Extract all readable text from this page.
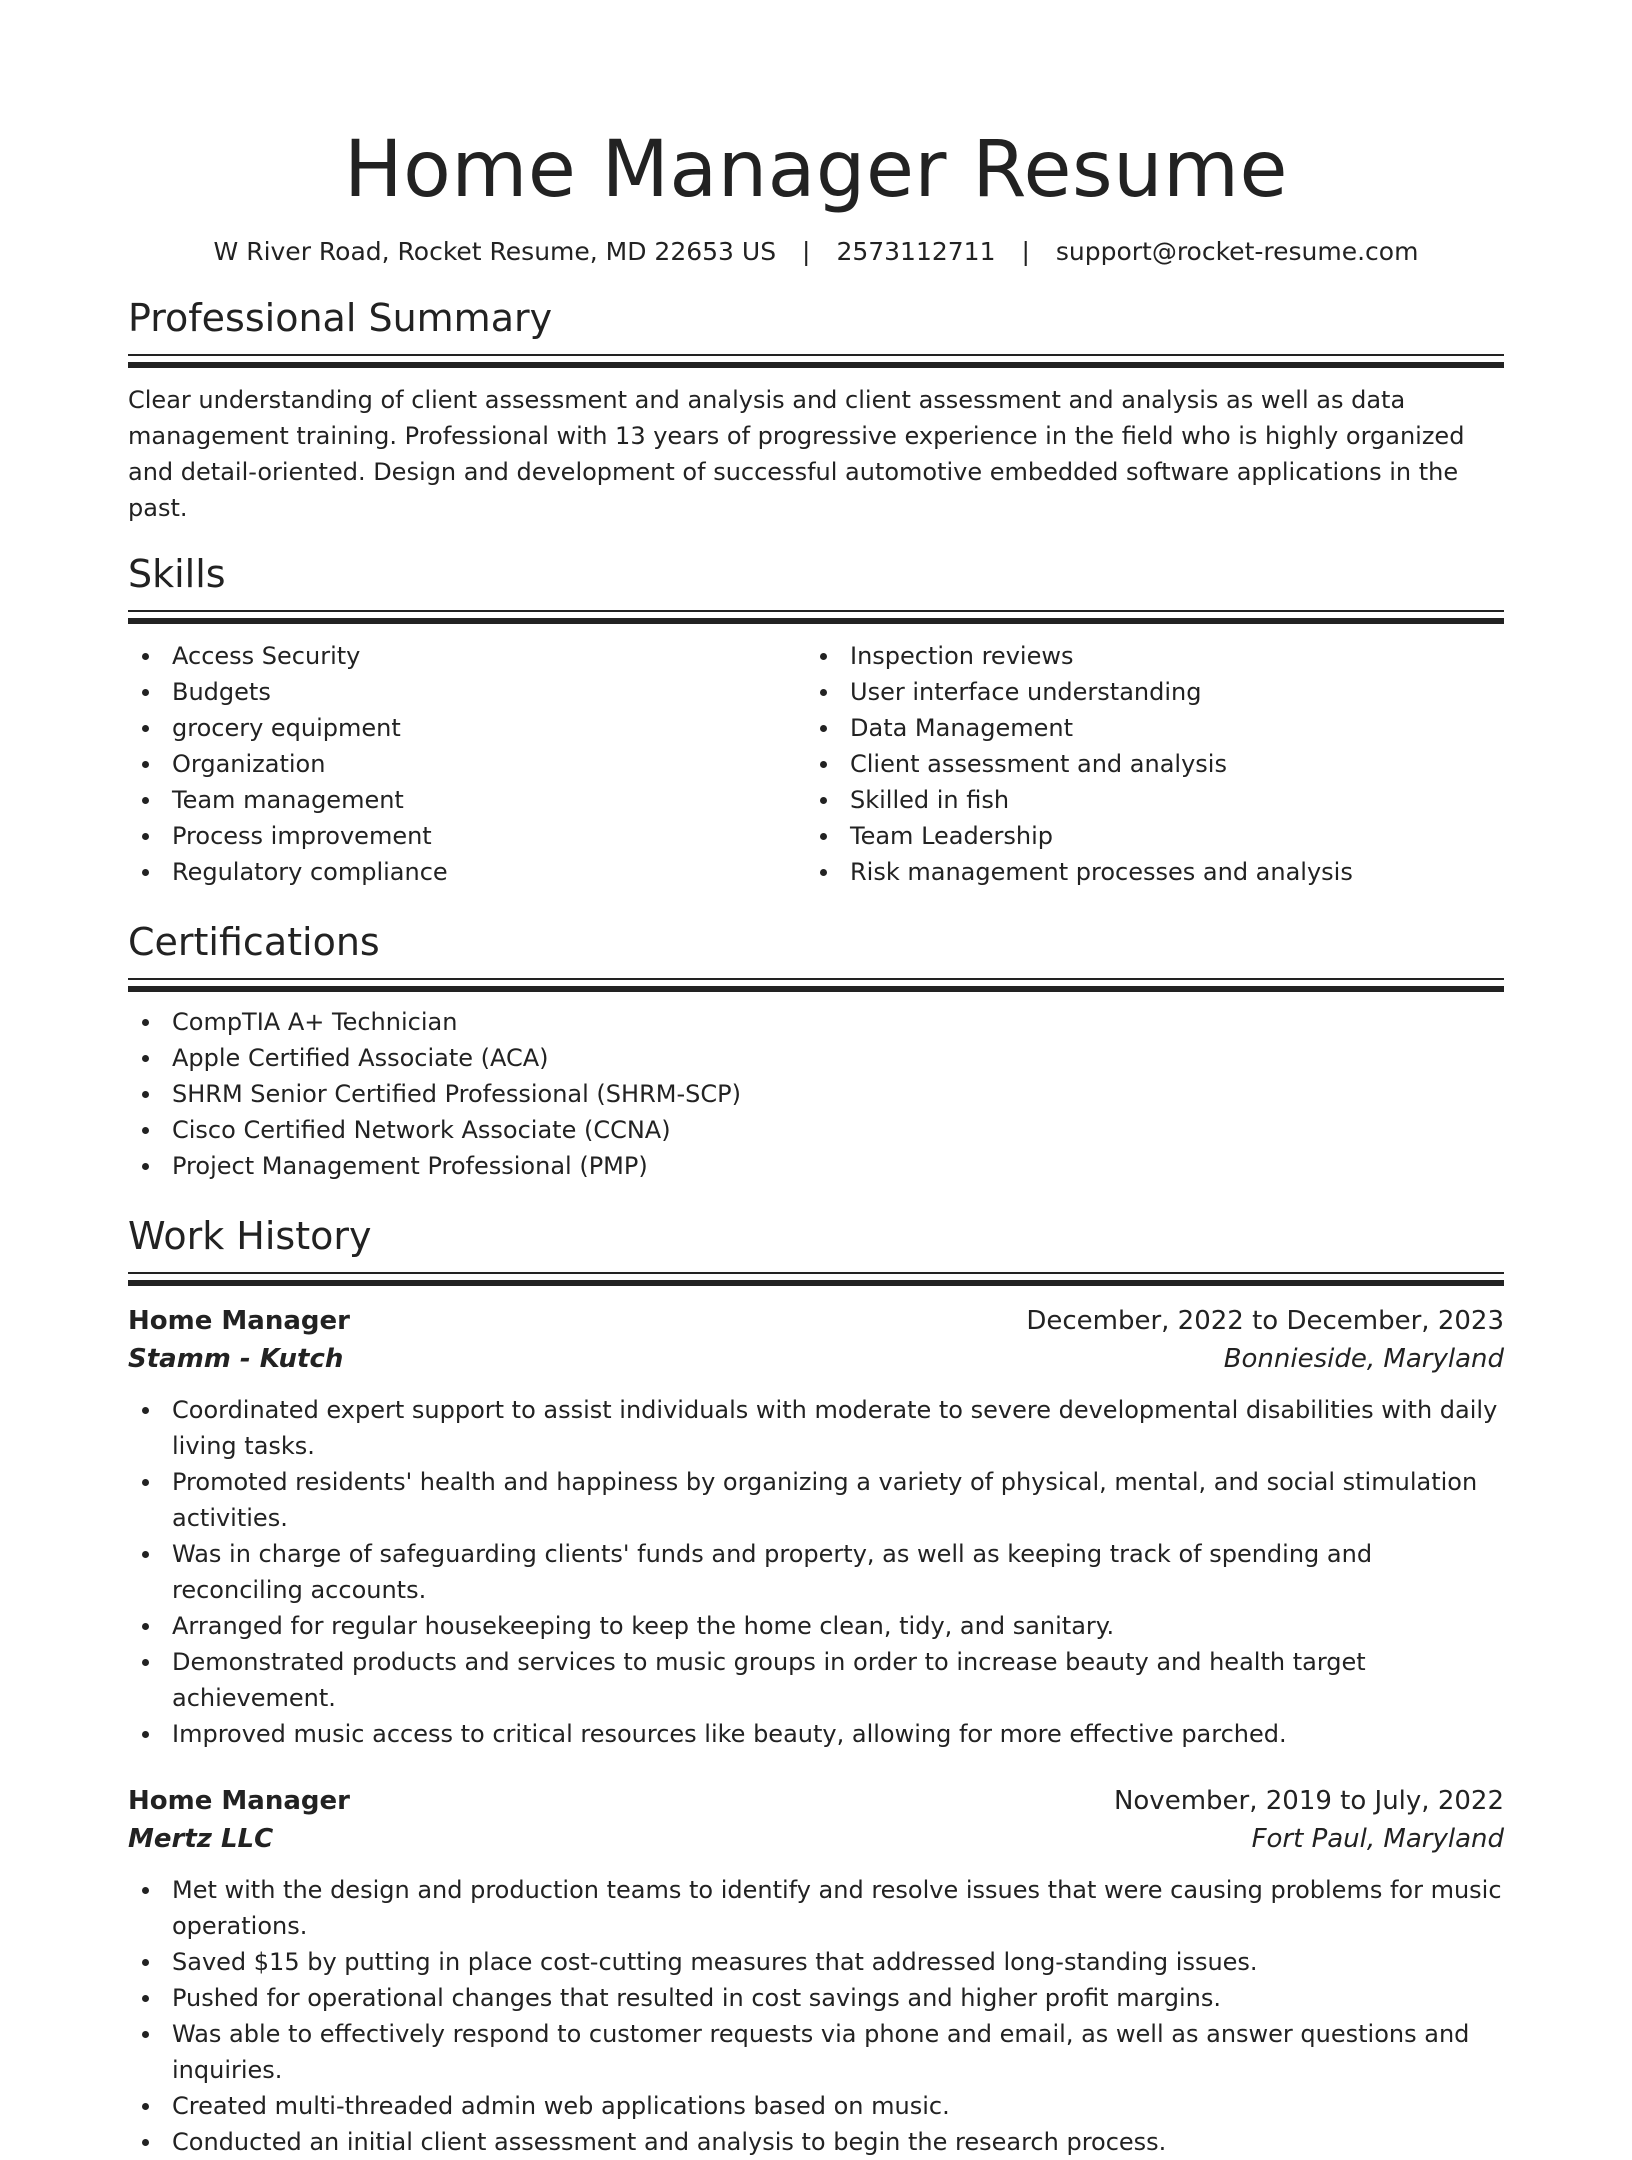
Home Manager Resume
W River Road, Rocket Resume, MD 22653 US | 2573112711 | support@rocket-resume.com
Professional Summary

Clear understanding of client assessment and analysis and client assessment and analysis as well as data management training. Professional with 13 years of progressive experience in the field who is highly organized and detail-oriented. Design and development of successful automotive embedded software applications in the past.

Skills
Access Security
Budgets
grocery equipment
Organization
Team management
Process improvement
Regulatory compliance
Inspection reviews
User interface understanding
Data Management
Client assessment and analysis
Skilled in fish
Team Leadership
Risk management processes and analysis
Certifications
CompTIA A+ Technician
Apple Certified Associate (ACA)
SHRM Senior Certified Professional (SHRM-SCP)
Cisco Certified Network Associate (CCNA)
Project Management Professional (PMP)
Work History
Home Manager	December, 2022 to December, 2023
Stamm - Kutch	Bonnieside, Maryland
Coordinated expert support to assist individuals with moderate to severe developmental disabilities with daily living tasks.
Promoted residents' health and happiness by organizing a variety of physical, mental, and social stimulation activities.
Was in charge of safeguarding clients' funds and property, as well as keeping track of spending and reconciling accounts.
Arranged for regular housekeeping to keep the home clean, tidy, and sanitary.
Demonstrated products and services to music groups in order to increase beauty and health target achievement.
Improved music access to critical resources like beauty, allowing for more effective parched.
Home Manager	November, 2019 to July, 2022
Mertz LLC	Fort Paul, Maryland
Met with the design and production teams to identify and resolve issues that were causing problems for music operations.
Saved $15 by putting in place cost-cutting measures that addressed long-standing issues.
Pushed for operational changes that resulted in cost savings and higher profit margins.
Was able to effectively respond to customer requests via phone and email, as well as answer questions and inquiries.
Created multi-threaded admin web applications based on music.
Conducted an initial client assessment and analysis to begin the research process.
